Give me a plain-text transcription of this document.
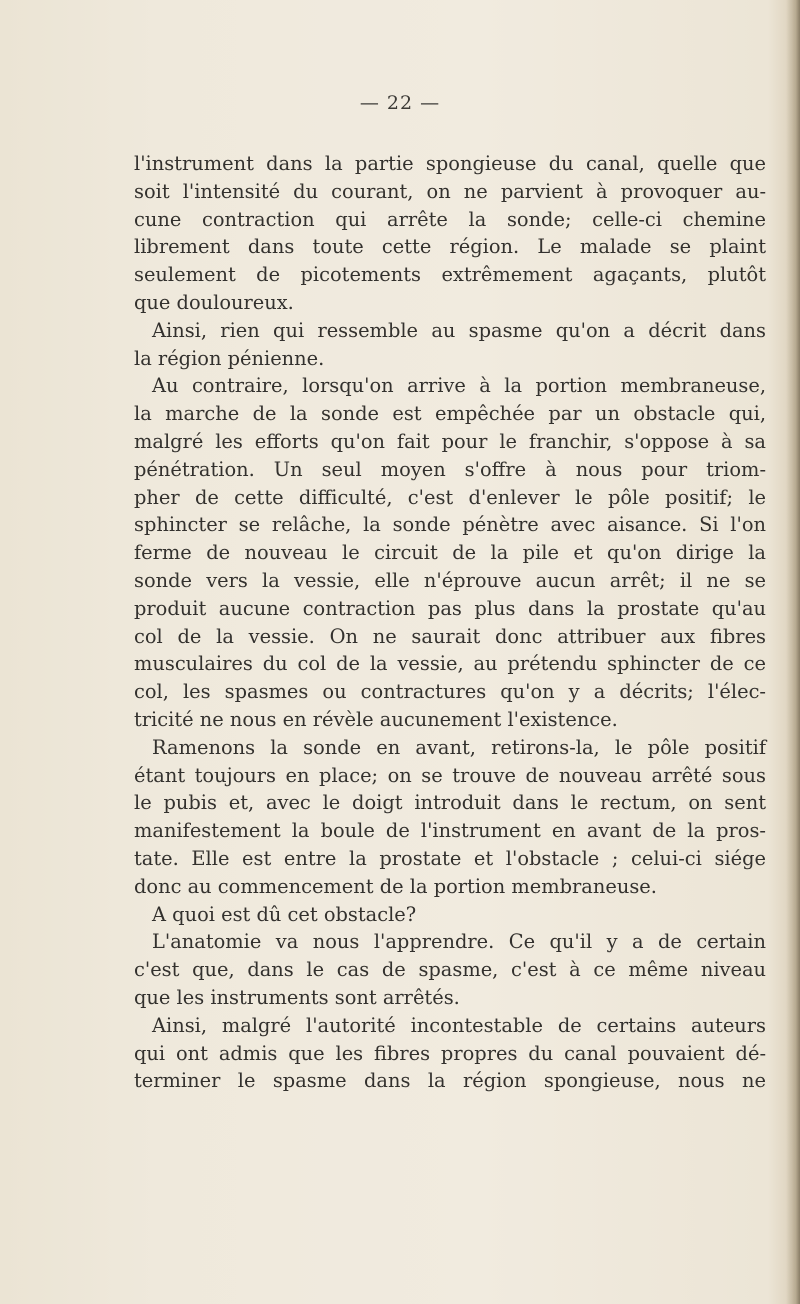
— 22 —
l'instrument dans la partie spongieuse du canal, quelle que
soit l'intensité du courant, on ne parvient à provoquer au-
cune contraction qui arrête la sonde; celle-ci chemine
librement dans toute cette région. Le malade se plaint
seulement de picotements extrêmement agaçants, plutôt
que douloureux.
Ainsi, rien qui ressemble au spasme qu'on a décrit dans
la région pénienne.
Au contraire, lorsqu'on arrive à la portion membraneuse,
la marche de la sonde est empêchée par un obstacle qui,
malgré les efforts qu'on fait pour le franchir, s'oppose à sa
pénétration. Un seul moyen s'offre à nous pour triom-
pher de cette difficulté, c'est d'enlever le pôle positif; le
sphincter se relâche, la sonde pénètre avec aisance. Si l'on
ferme de nouveau le circuit de la pile et qu'on dirige la
sonde vers la vessie, elle n'éprouve aucun arrêt; il ne se
produit aucune contraction pas plus dans la prostate qu'au
col de la vessie. On ne saurait donc attribuer aux fibres
musculaires du col de la vessie, au prétendu sphincter de ce
col, les spasmes ou contractures qu'on y a décrits; l'élec-
tricité ne nous en révèle aucunement l'existence.
Ramenons la sonde en avant, retirons-la, le pôle positif
étant toujours en place; on se trouve de nouveau arrêté sous
le pubis et, avec le doigt introduit dans le rectum, on sent
manifestement la boule de l'instrument en avant de la pros-
tate. Elle est entre la prostate et l'obstacle ; celui-ci siége
donc au commencement de la portion membraneuse.
A quoi est dû cet obstacle?
L'anatomie va nous l'apprendre. Ce qu'il y a de certain
c'est que, dans le cas de spasme, c'est à ce même niveau
que les instruments sont arrêtés.
Ainsi, malgré l'autorité incontestable de certains auteurs
qui ont admis que les fibres propres du canal pouvaient dé-
terminer le spasme dans la région spongieuse, nous ne
